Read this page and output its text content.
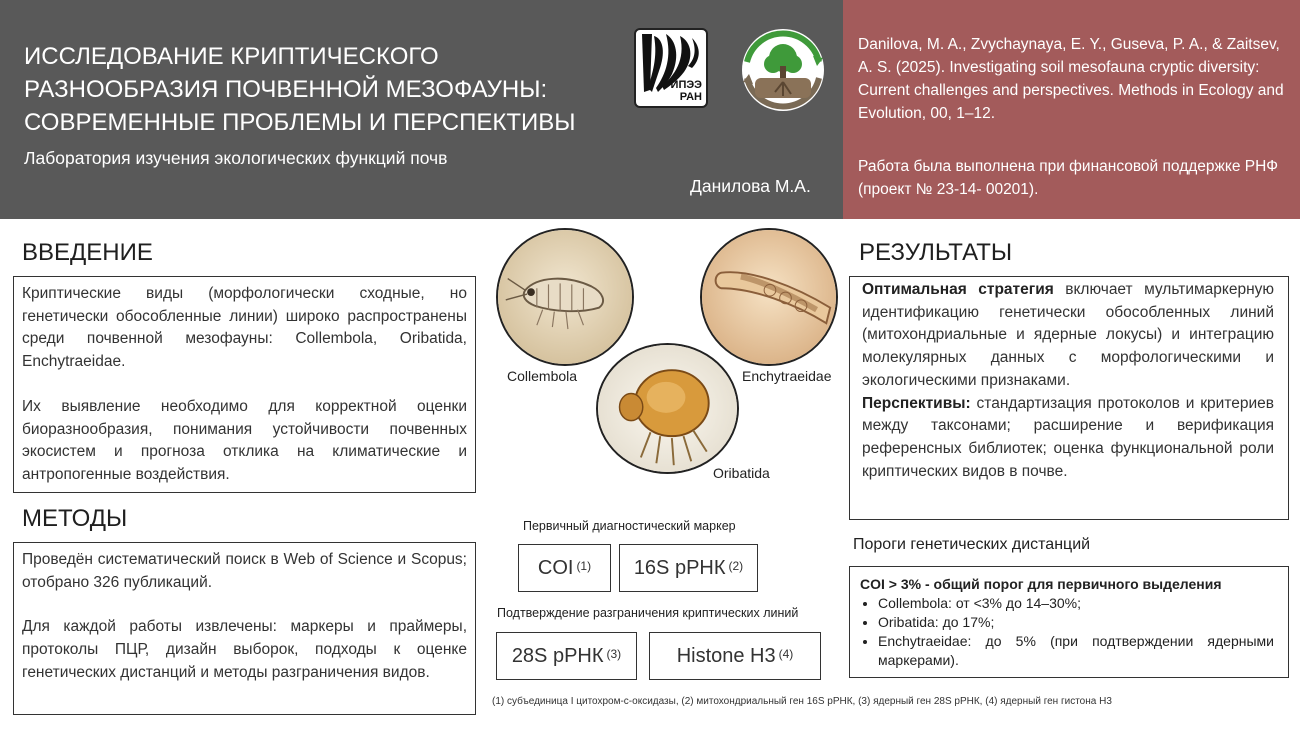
ИССЛЕДОВАНИЕ КРИПТИЧЕСКОГО РАЗНООБРАЗИЯ ПОЧВЕННОЙ МЕЗОФАУНЫ: СОВРЕМЕННЫЕ ПРОБЛЕМЫ И ПЕРСПЕКТИВЫ
Лаборатория изучения экологических функций почв
Данилова М.А.
ИПЭЭ
РАН
Danilova, M. A., Zvychaynaya, E. Y., Guseva, P. A., & Zaitsev, A. S. (2025). Investigating soil mesofauna cryptic diversity: Current challenges and perspectives. Methods in Ecology and Evolution, 00, 1–12.
Работа была выполнена при финансовой поддержке РНФ (проект № 23-14- 00201).
ВВЕДЕНИЕ

Криптические виды (морфологически сходные, но генетически обособленные линии) широко распространены среди почвенной мезофауны: Collembola, Oribatida, Enchytraeidae.

Их выявление необходимо для корректной оценки биоразнообразия, понимания устойчивости почвенных экосистем и прогноза отклика на климатические и антропогенные воздействия.

МЕТОДЫ

Проведён систематический поиск в Web of Science и Scopus; отобрано 326 публикаций.

Для каждой работы извлечены: маркеры и праймеры, протоколы ПЦР, дизайн выборок, подходы к оценке генетических дистанций и методы разграничения видов.

Collembola	Enchytraeidae
Oribatida
Первичный диагностический маркер
COI $^{(1)}$ 16S рРНК $^{(2)}$
Подтверждение разграничения криптических линий
28S рРНК $^{(3)}$	Histone H3 $^{(4)}$
(1) субъединица I цитохром-с-оксидазы, (2) митохондриальный ген 16S рРНК, (3) ядерный ген 28S рРНК, (4) ядерный ген гистона Н3
РЕЗУЛЬТАТЫ

Оптимальная стратегия включает мультимаркерную идентификацию генетически обособленных линий (митохондриальные и ядерные локусы) и интеграцию молекулярных данных с морфологическими и экологическими признаками.

Перспективы: стандартизация протоколов и критериев между таксонами; расширение и верификация референсных библиотек; оценка функциональной роли криптических видов в почве.

Пороги генетических дистанций
COI > 3% - общий порог для первичного выделения
• Collembola: от <3% до 14–30%;
• Oribatida: до 17%;
• Enchytraeidae: до 5% (при подтверждении ядерными маркерами).
